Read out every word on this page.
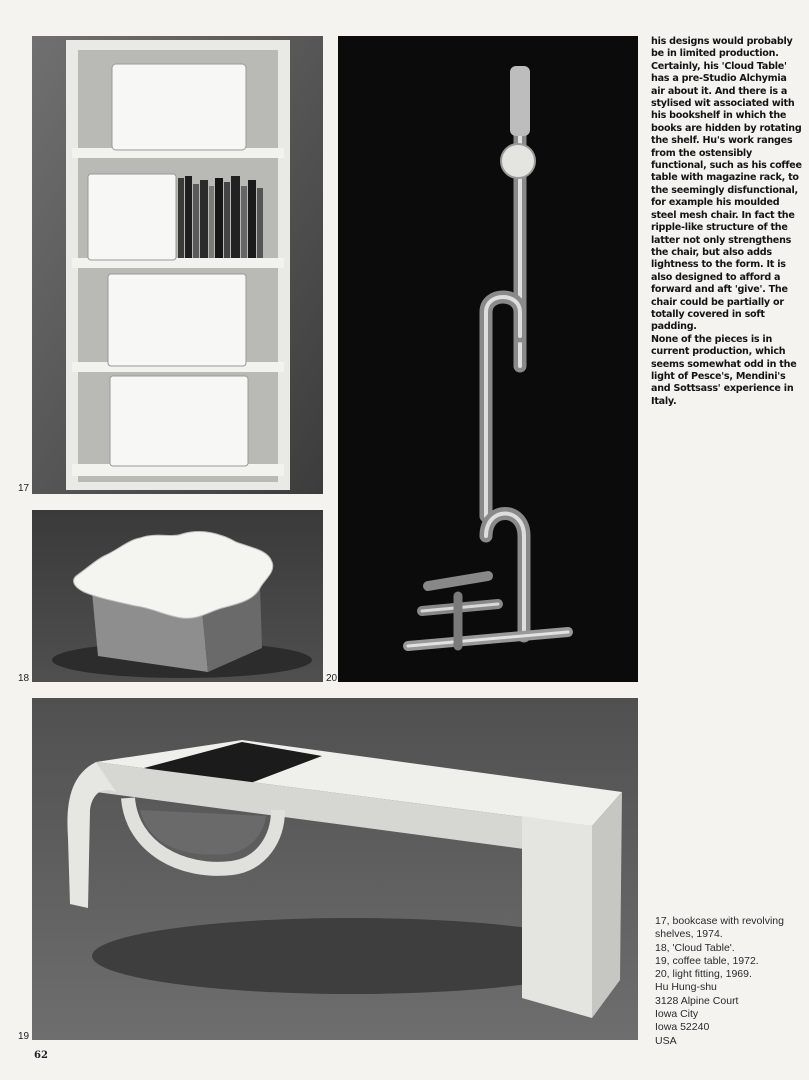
17
18	20

his designs would probably be in limited production. Certainly, his 'Cloud Table' has a pre-Studio Alchymia air about it. And there is a stylised wit associated with his bookshelf in which the books are hidden by rotating the shelf. Hu's work ranges from the ostensibly functional, such as his coffee table with magazine rack, to the seemingly disfunctional, for example his moulded steel mesh chair. In fact the ripple-like structure of the latter not only strengthens the chair, but also adds lightness to the form. It is also designed to afford a forward and aft 'give'. The chair could be partially or totally covered in soft padding.

None of the pieces is in current production, which seems somewhat odd in the light of Pesce's, Mendini's and Sottsass' experience in Italy.

19
17, bookcase with revolving
shelves, 1974.
18, 'Cloud Table'.
19, coffee table, 1972.
20, light fitting, 1969.
Hu Hung-shu
3128 Alpine Court
Iowa City
Iowa 52240
USA
62
